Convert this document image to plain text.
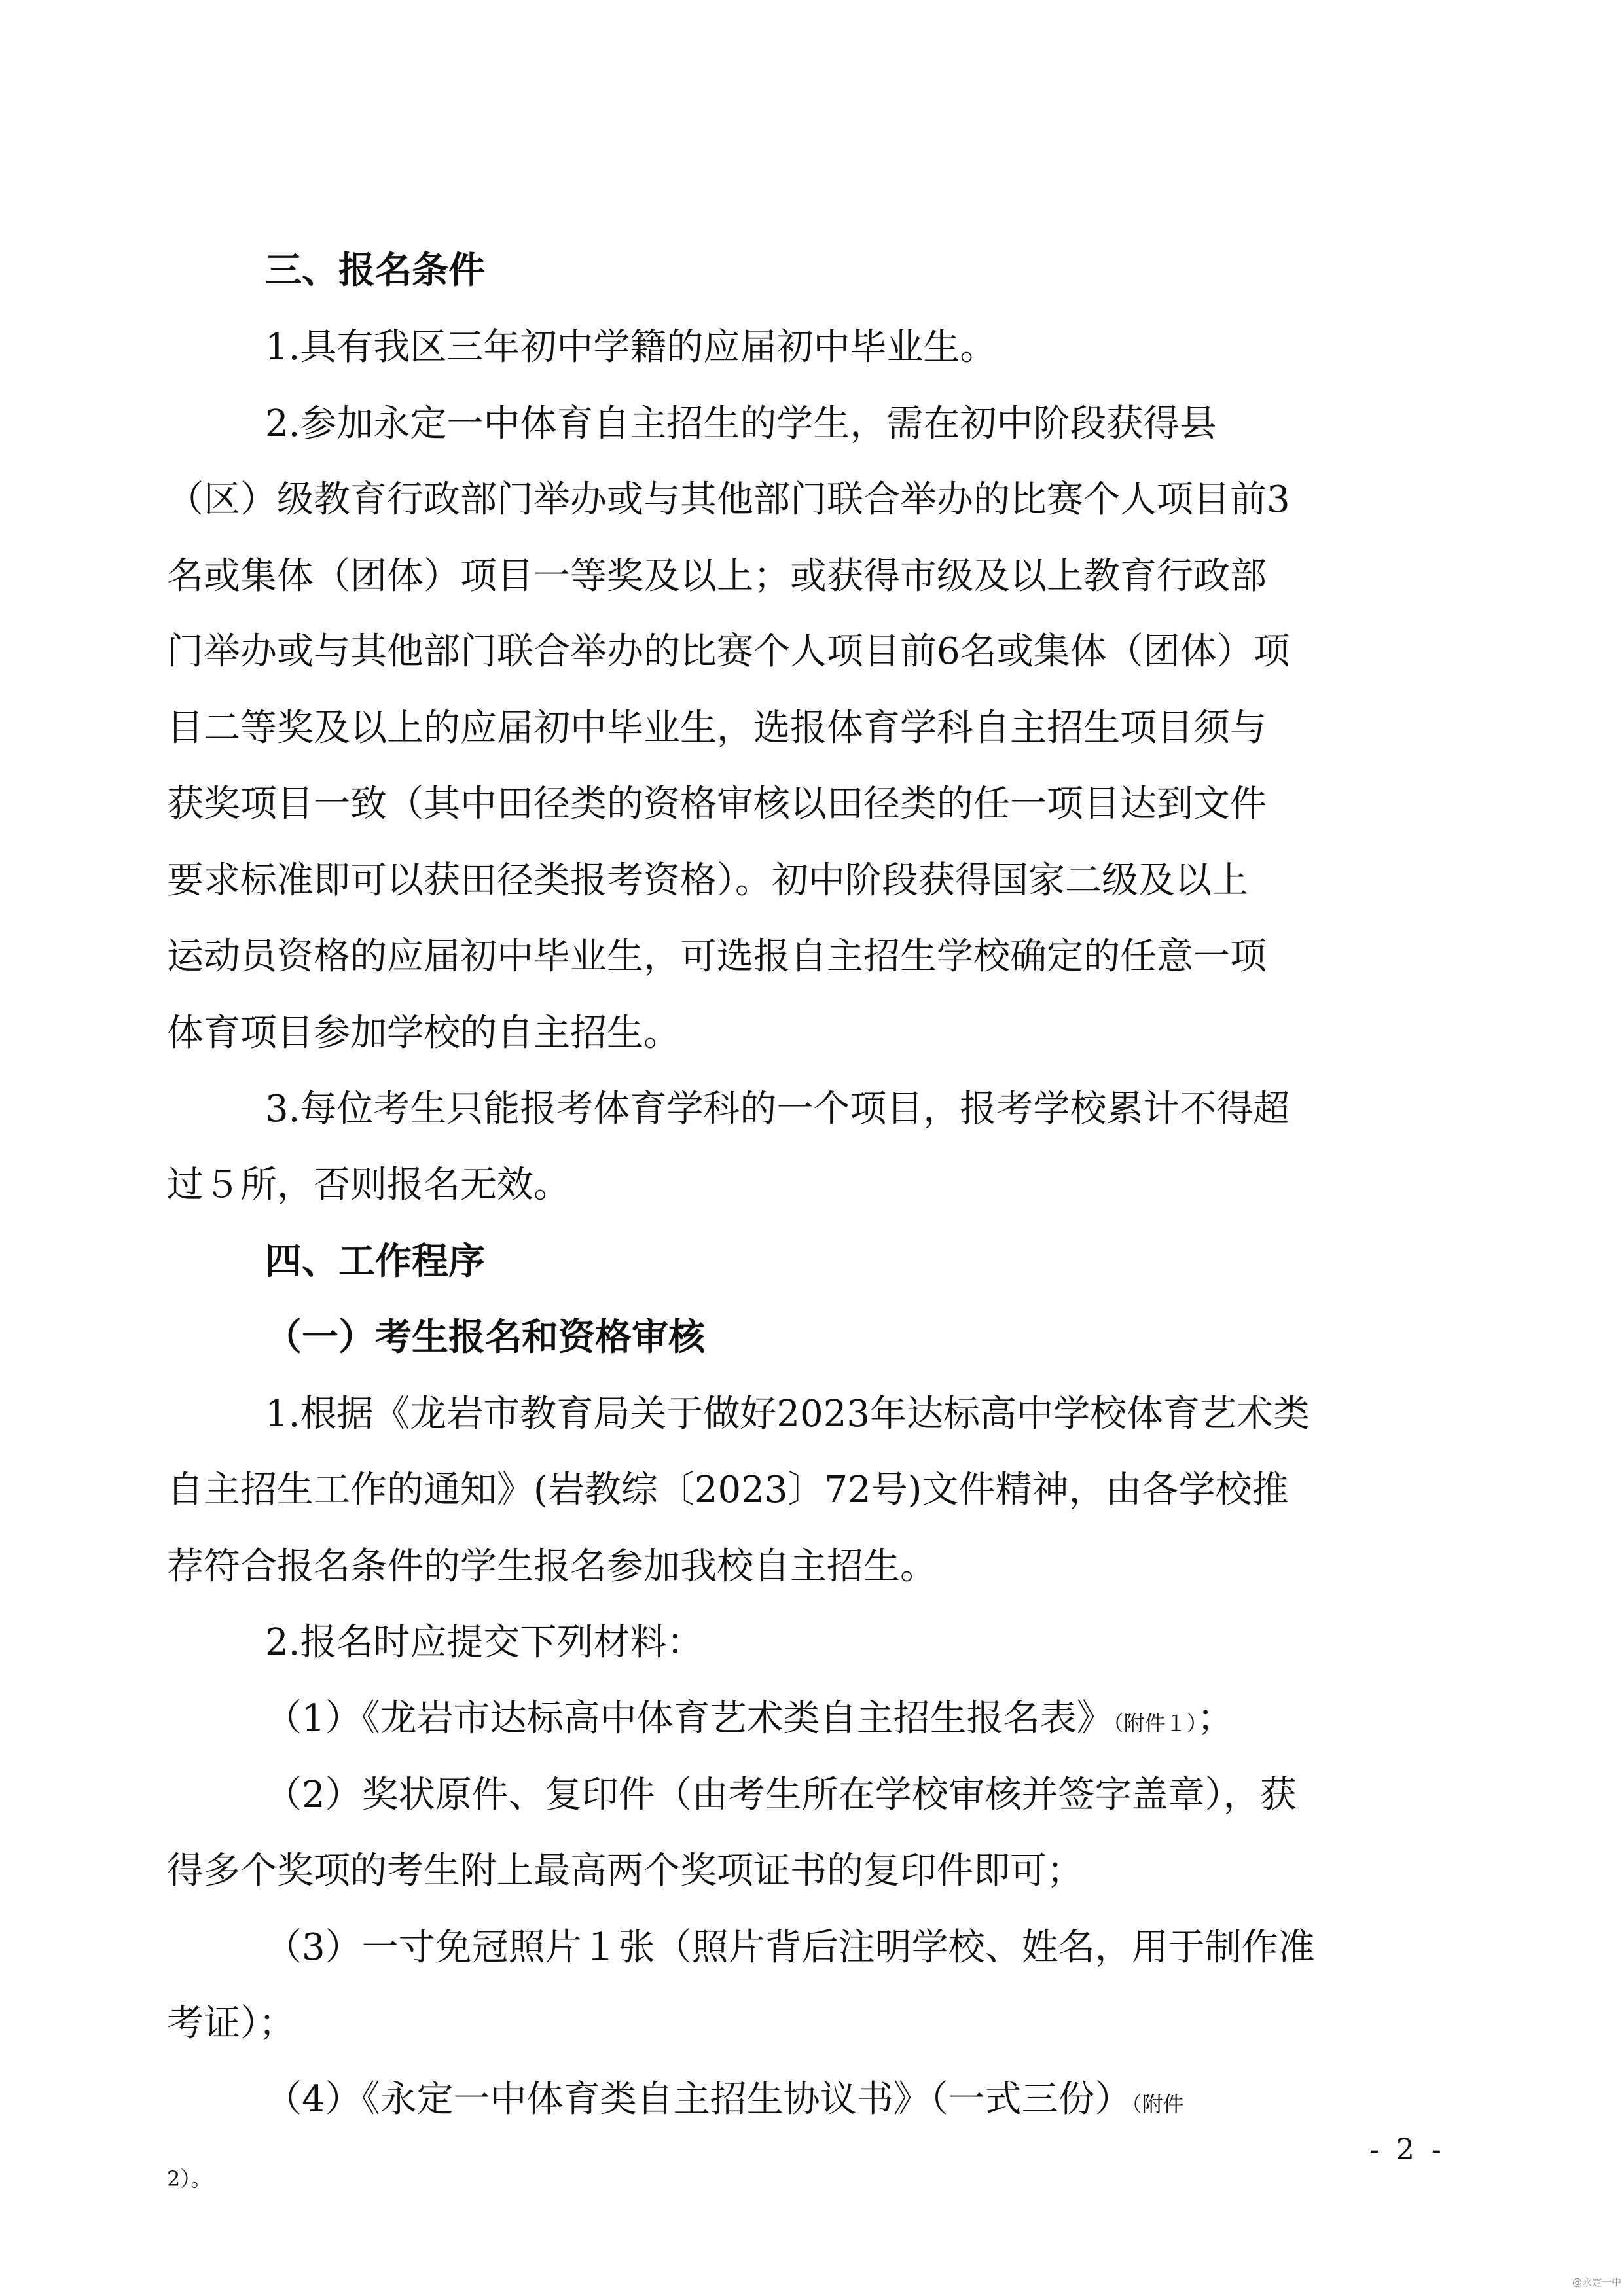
三、报名条件
1.具有我区三年初中学籍的应届初中毕业生。
2.参加永定一中体育自主招生的学生，需在初中阶段获得县
（区）级教育行政部门举办或与其他部门联合举办的比赛个人项目前3
名或集体（团体）项目一等奖及以上；或获得市级及以上教育行政部
门举办或与其他部门联合举办的比赛个人项目前6名或集体（团体）项
目二等奖及以上的应届初中毕业生，选报体育学科自主招生项目须与
获奖项目一致（其中田径类的资格审核以田径类的任一项目达到文件
要求标准即可以获田径类报考资格）。初中阶段获得国家二级及以上
运动员资格的应届初中毕业生，可选报自主招生学校确定的任意一项
体育项目参加学校的自主招生。
3.每位考生只能报考体育学科的一个项目，报考学校累计不得超
过５所，否则报名无效。
四、工作程序
（一）考生报名和资格审核
1.根据《龙岩市教育局关于做好2023年达标高中学校体育艺术类
自主招生工作的通知》(岩教综〔2023〕72号)文件精神，由各学校推
荐符合报名条件的学生报名参加我校自主招生。
2.报名时应提交下列材料：
（1）《龙岩市达标高中体育艺术类自主招生报名表》（附件１）；
（2）奖状原件、复印件（由考生所在学校审核并签字盖章），获
得多个奖项的考生附上最高两个奖项证书的复印件即可；
（3）一寸免冠照片１张（照片背后注明学校、姓名，用于制作准
考证）；
（4）《永定一中体育类自主招生协议书》（一式三份）（附件
2）。
- 2 -
@永定一中
